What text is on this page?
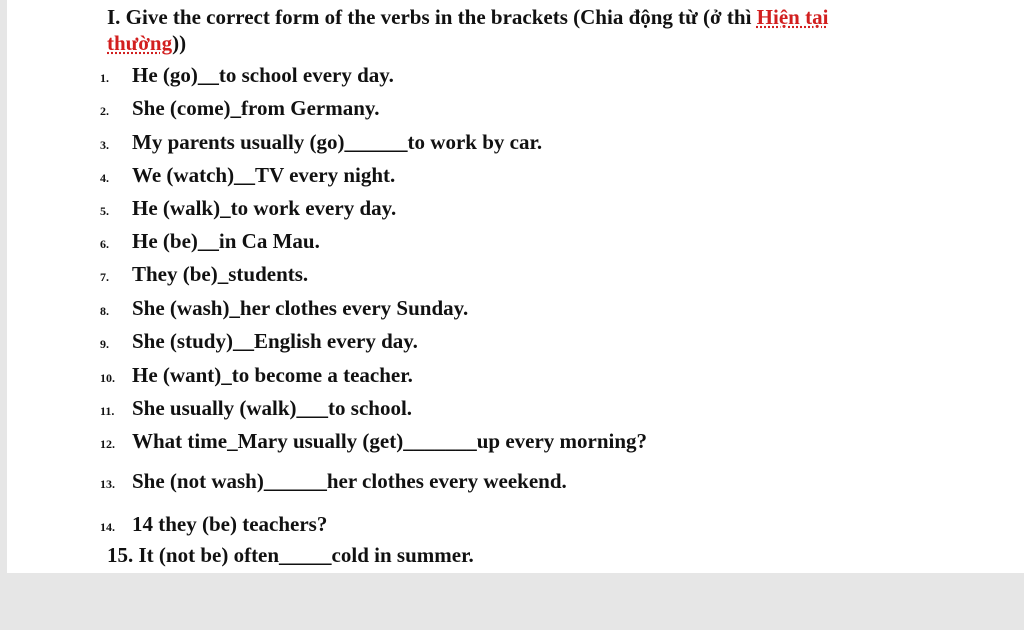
I. Give the correct form of the verbs in the brackets (Chia động từ (ở thì Hiện tại
thường))
1. He (go)__to school every day.
2. She (come)_from Germany.
3. My parents usually (go)______to work by car.
4. We (watch)__TV every night.
5. He (walk)_to work every day.
6. He (be)__in Ca Mau.
7. They (be)_students.
8. She (wash)_her clothes every Sunday.
9. She (study)__English every day.
10. He (want)_to become a teacher.
11. She usually (walk)___to school.
12. What time_Mary usually (get)_______up every morning?
13. She (not wash)______her clothes every weekend.
14. 14 they (be) teachers?
15. It (not be) often_____cold in summer.
